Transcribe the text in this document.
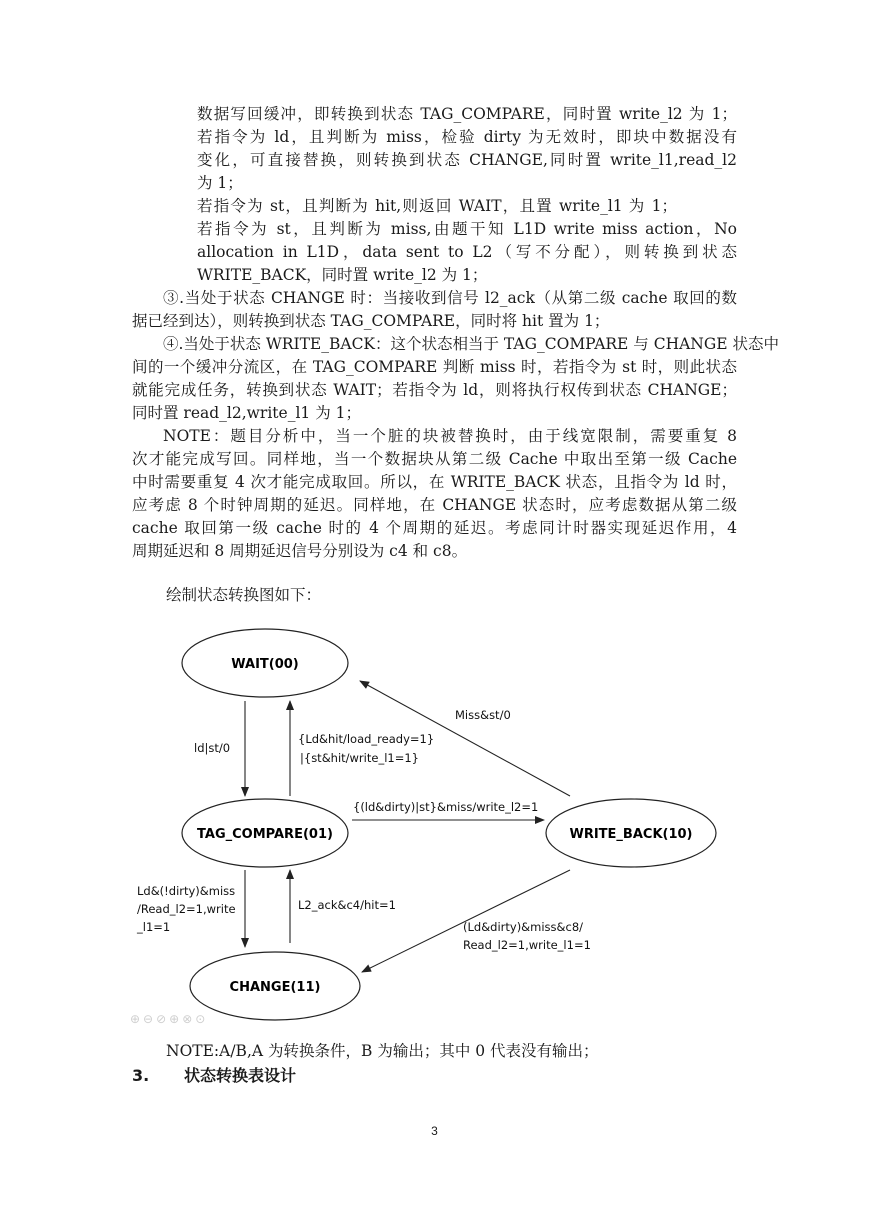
数据写回缓冲，即转换到状态 TAG_COMPARE，同时置 write_l2 为 1；
若指令为 ld，且判断为 miss，检验 dirty 为无效时，即块中数据没有
变化，可直接替换，则转换到状态 CHANGE,同时置 write_l1,read_l2
为 1；
若指令为 st，且判断为 hit,则返回 WAIT，且置 write_l1 为 1；
若指令为 st，且判断为 miss,由题干知 L1D write miss action，No
allocation in L1D，data sent to L2（写不分配），则转换到状态
WRITE_BACK，同时置 write_l2 为 1；
③.当处于状态 CHANGE 时：当接收到信号 l2_ack（从第二级 cache 取回的数
据已经到达），则转换到状态 TAG_COMPARE，同时将 hit 置为 1；
④.当处于状态 WRITE_BACK：这个状态相当于 TAG_COMPARE 与 CHANGE 状态中
间的一个缓冲分流区，在 TAG_COMPARE 判断 miss 时，若指令为 st 时，则此状态
就能完成任务，转换到状态 WAIT；若指令为 ld，则将执行权传到状态 CHANGE；
同时置 read_l2,write_l1 为 1；
NOTE：题目分析中，当一个脏的块被替换时，由于线宽限制，需要重复 8
次才能完成写回。同样地，当一个数据块从第二级 Cache 中取出至第一级 Cache
中时需要重复 4 次才能完成取回。所以，在 WRITE_BACK 状态，且指令为 ld 时，
应考虑 8 个时钟周期的延迟。同样地，在 CHANGE 状态时，应考虑数据从第二级
cache 取回第一级 cache 时的 4 个周期的延迟。考虑同计时器实现延迟作用，4
周期延迟和 8 周期延迟信号分别设为 c4 和 c8。
绘制状态转换图如下：
WAIT(00)
TAG_COMPARE(01)	WRITE_BACK(10)
CHANGE(11)
ld|st/0
{Ld&hit/load_ready=1}
|{st&hit/write_l1=1}
{(ld&dirty)|st}&miss/write_l2=1
Miss&st/0
Ld&(!dirty)&miss
/Read_l2=1,write
_l1=1
L2_ack&c4/hit=1
(Ld&dirty)&miss&c8/
Read_l2=1,write_l1=1
⊕⊖⊘⊕⊗⊙
NOTE:A/B,A 为转换条件，B 为输出；其中 0 代表没有输出；
3. 状态转换表设计
3
